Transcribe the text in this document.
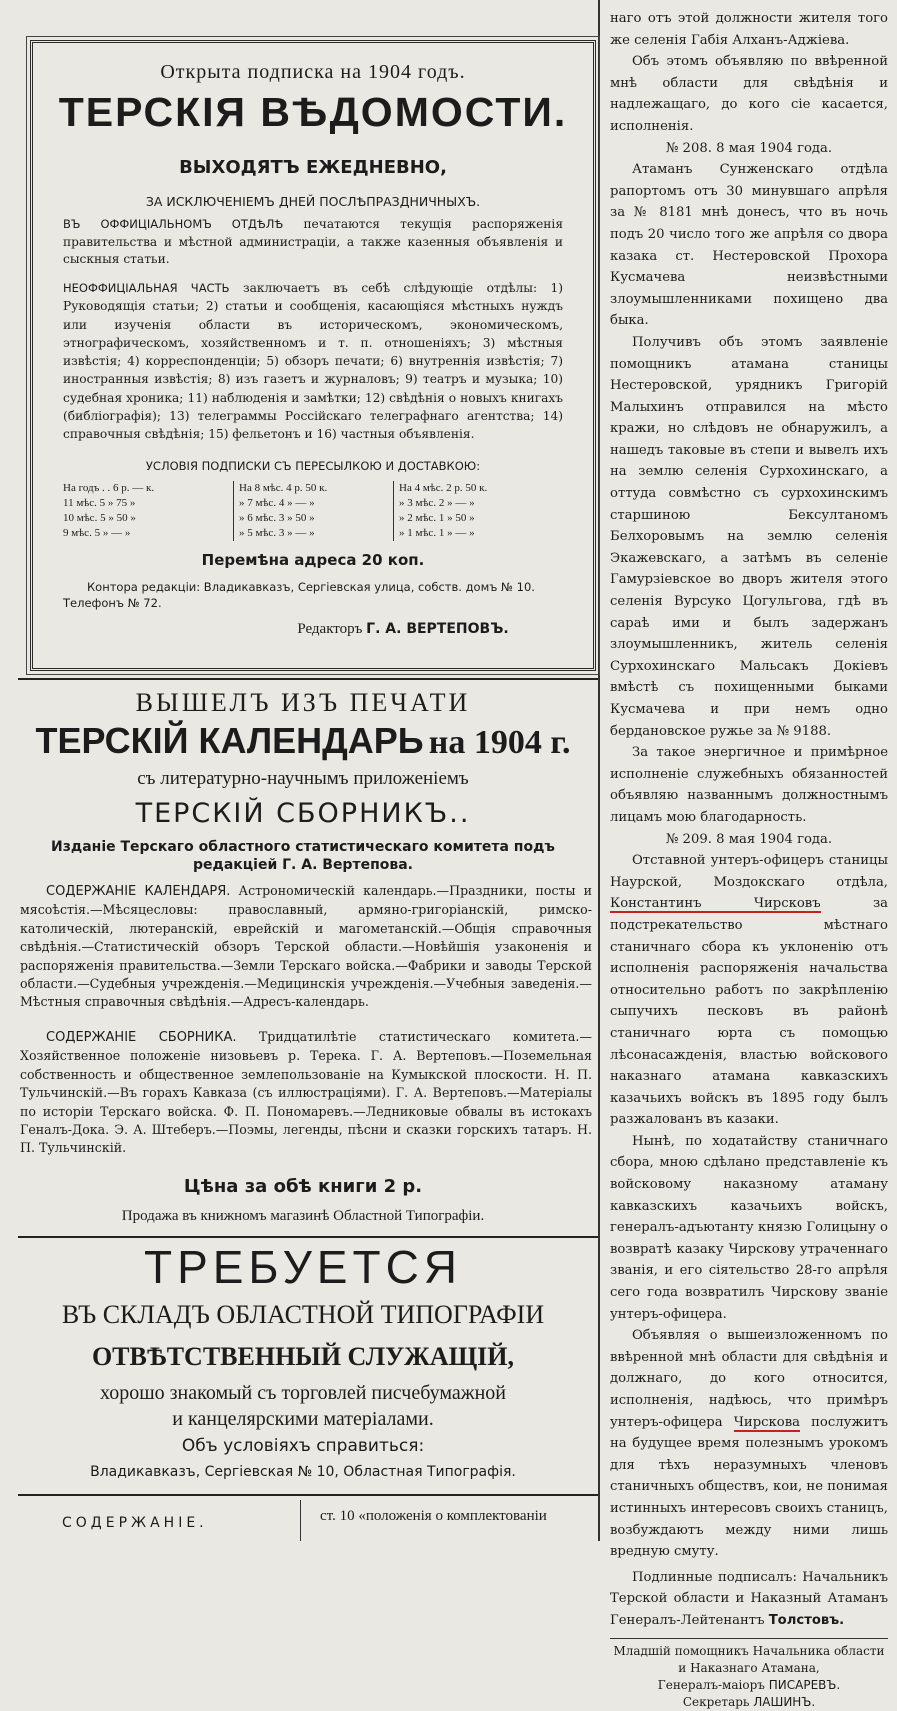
Открыта подписка на 1904 годъ.
ТЕРСКІЯ ВѢДОМОСТИ.
ВЫХОДЯТЪ ЕЖЕДНЕВНО,
ЗА ИСКЛЮЧЕНІЕМЪ ДНЕЙ ПОСЛѢПРАЗДНИЧНЫХЪ.
ВЪ ОФФИЦІАЛЬНОМЪ ОТДѢЛѢ печатаются текущія распоряженія правительства и мѣстной администраціи, а также казенныя объявленія и сыскныя статьи.
НЕОФФИЦІАЛЬНАЯ ЧАСТЬ заключаетъ въ себѣ слѣдующіе отдѣлы: 1) Руководящія статьи; 2) статьи и сообщенія, касающіяся мѣстныхъ нуждъ или изученія области въ историческомъ, экономическомъ, этнографическомъ, хозяйственномъ и т. п. отношеніяхъ; 3) мѣстныя извѣстія; 4) корреспонденціи; 5) обзоръ печати; 6) внутреннія извѣстія; 7) иностранныя извѣстія; 8) изъ газетъ и журналовъ; 9) театръ и музыка; 10) судебная хроника; 11) наблюденія и замѣтки; 12) свѣдѣнія о новыхъ книгахъ (библіографія); 13) телеграммы Россійскаго телеграфнаго агентства; 14) справочныя свѣдѣнія; 15) фельетонъ и 16) частныя объявленія.
УСЛОВІЯ ПОДПИСКИ СЪ ПЕРЕСЫЛКОЮ И ДОСТАВКОЮ:
На годъ . . 6 р. — к.
11 мѣс. 5 » 75 »
10 мѣс. 5 » 50 »
9 мѣс. 5 » — »
На 8 мѣс. 4 р. 50 к.
» 7 мѣс. 4 » — »
» 6 мѣс. 3 » 50 »
» 5 мѣс. 3 » — »
На 4 мѣс. 2 р. 50 к.
» 3 мѣс. 2 » — »
» 2 мѣс. 1 » 50 »
» 1 мѣс. 1 » — »
Перемѣна адреса 20 коп.
Контора редакціи: Владикавказъ, Сергіевская улица, собств. домъ № 10. Телефонъ № 72.
Редакторъ Г. А. ВЕРТЕПОВЪ.
ВЫШЕЛЪ ИЗЪ ПЕЧАТИ
ТЕРСКІЙ КАЛЕНДАРЬ на 1904 г.
съ литературно-научнымъ приложеніемъ
ТЕРСКІЙ СБОРНИКЪ..
Изданіе Терскаго областного статистическаго комитета подъ редакціей Г. А. Вертепова.
СОДЕРЖАНІЕ КАЛЕНДАРЯ. Астрономическій календарь.—Праздники, посты и мясоѣстія.—Мѣсяцесловы: православный, армяно-григоріанскій, римско-католическій, лютеранскій, еврейскій и магометанскій.—Общія справочныя свѣдѣнія.—Статистическій обзоръ Терской области.—Новѣйшія узаконенія и распоряженія правительства.—Земли Терскаго войска.—Фабрики и заводы Терской области.—Судебныя учрежденія.—Медицинскія учрежденія.—Учебныя заведенія.—Мѣстныя справочныя свѣдѣнія.—Адресъ-календарь.
СОДЕРЖАНІЕ СБОРНИКА. Тридцатилѣтіе статистическаго комитета.—Хозяйственное положеніе низовьевъ р. Терека. Г. А. Вертеповъ.—Поземельная собственность и общественное землепользованіе на Кумыкской плоскости. Н. П. Тульчинскій.—Въ горахъ Кавказа (съ иллюстраціями). Г. А. Вертеповъ.—Матеріалы по исторіи Терскаго войска. Ф. П. Пономаревъ.—Ледниковые обвалы въ истокахъ Геналъ-Дока. Э. А. Штеберъ.—Поэмы, легенды, пѣсни и сказки горскихъ татаръ. Н. П. Тульчинскій.
Цѣна за обѣ книги 2 р.
Продажа въ книжномъ магазинѣ Областной Типографіи.
ТРЕБУЕТСЯ
ВЪ СКЛАДЪ ОБЛАСТНОЙ ТИПОГРАФІИ
ОТВѢТСТВЕННЫЙ СЛУЖАЩІЙ,
хорошо знакомый съ торговлей писчебумажной
и канцелярскими матеріалами.
Объ условіяхъ справиться:
Владикавказъ, Сергіевская № 10, Областная Типографія.
СОДЕРЖАНІЕ.	ст. 10 «положенія о комплектованіи

наго отъ этой должности жителя того же селенія Габія Алханъ-Аджіева.

Объ этомъ объявляю по ввѣренной мнѣ области для свѣдѣнія и надлежащаго, до кого сіе касается, исполненія.

№ 208. 8 мая 1904 года.

Атаманъ Сунженскаго отдѣла рапортомъ отъ 30 минувшаго апрѣля за № 8181 мнѣ донесъ, что въ ночь подъ 20 число того же апрѣля со двора казака ст. Нестеровской Прохора Кусмачева неизвѣстными злоумышленниками похищено два быка.

Получивъ объ этомъ заявленіе помощникъ атамана станицы Нестеровской, урядникъ Григорій Малыхинъ отправился на мѣсто кражи, но слѣдовъ не обнаружилъ, а нашедъ таковые въ степи и вывелъ ихъ на землю селенія Сурхохинскаго, а оттуда совмѣстно съ сурхохинскимъ старшиною Бексултаномъ Белхоровымъ на землю селенія Экажевскаго, а затѣмъ въ селеніе Гамурзіевское во дворъ жителя этого селенія Вурсуко Цогульгова, гдѣ въ сараѣ ими и былъ задержанъ злоумышленникъ, житель селенія Сурхохинскаго Мальсакъ Докіевъ вмѣстѣ съ похищенными быками Кусмачева и при немъ одно бердановское ружье за № 9188.

За такое энергичное и примѣрное исполненіе служебныхъ обязанностей объявляю названнымъ должностнымъ лицамъ мою благодарность.

№ 209. 8 мая 1904 года.

Отставной унтеръ-офицеръ станицы Наурской, Моздокскаго отдѣла, Константинъ Чирсковъ	за подстрекательство мѣстнаго станичнаго сбора къ уклоненію отъ исполненія распоряженія начальства относительно работъ по закрѣпленію сыпучихъ песковъ въ районѣ станичнаго юрта съ помощью лѣсонасажденія, властью войскового наказнаго атамана кавказскихъ казачьихъ войскъ въ 1895 году былъ разжалованъ въ казаки.

Нынѣ, по ходатайству станичнаго сбора, мною сдѣлано представленіе къ войсковому наказному атаману кавказскихъ казачьихъ войскъ, генералъ-адъютанту князю Голицыну о возвратѣ казаку Чирскову утраченнаго званія, и его сіятельство 28-го апрѣля сего года возвратилъ Чирскову званіе унтеръ-офицера.

Объявляя о вышеизложенномъ по ввѣренной мнѣ области для свѣдѣнія и должнаго, до кого относится, исполненія, надѣюсь, что примѣръ унтеръ-офицера Чирскова послужитъ на будущее время полезнымъ урокомъ для тѣхъ неразумныхъ членовъ станичныхъ обществъ, кои, не понимая истинныхъ интересовъ своихъ станицъ, возбуждаютъ между ними лишь вредную смуту.

Подлинные подписалъ: Начальникъ Терской области и Наказный Атаманъ Генералъ-Лейтенантъ Толстовъ.

Младшій помощникъ Начальника области и Наказнаго Атамана,
Генералъ-маіоръ ПИСАРЕВЪ.
Секретарь ЛАШИНЪ.
